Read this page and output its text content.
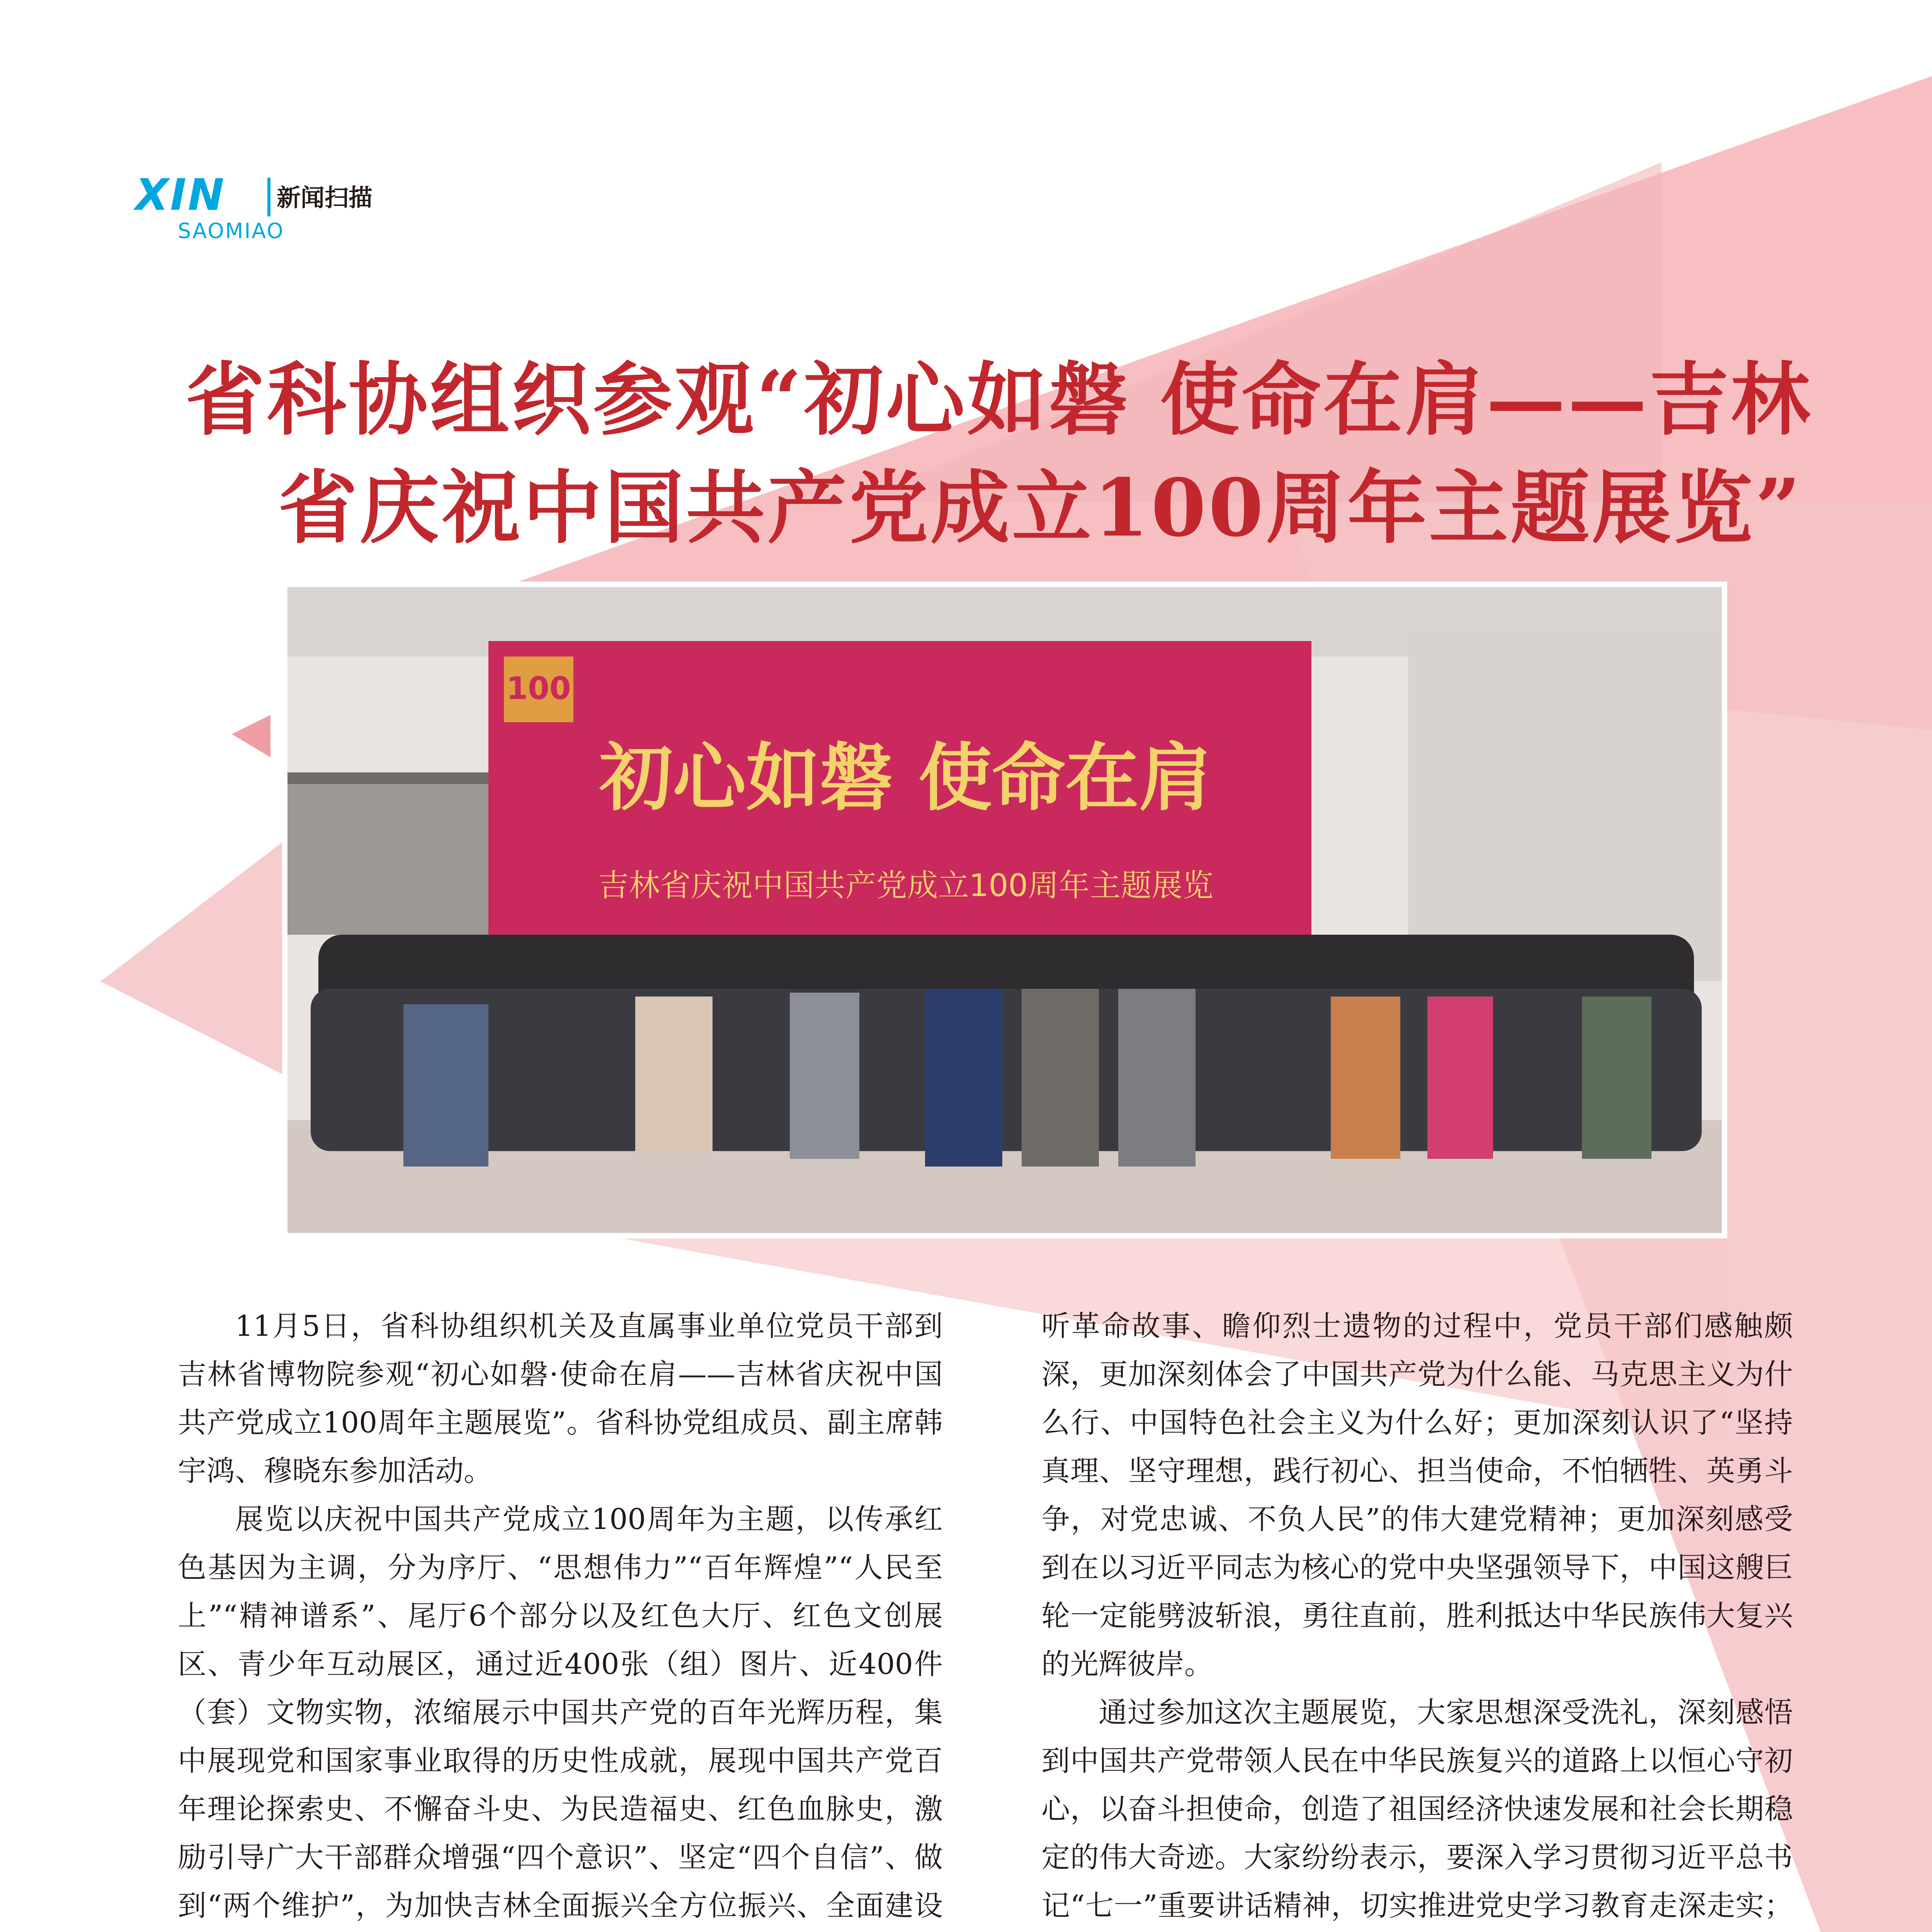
XIN 新闻扫描
SAOMIAO
省科协组织参观“初心如磐 使命在肩——吉林
省庆祝中国共产党成立100周年主题展览”
100
初心如磐 使命在肩
吉林省庆祝中国共产党成立100周年主题展览

11月5日，省科协组织机关及直属事业单位党员干部到吉林省博物院参观“初心如磐·使命在肩——吉林省庆祝中国共产党成立100周年主题展览”。省科协党组成员、副主席韩宇鸿、穆晓东参加活动。

展览以庆祝中国共产党成立100周年为主题，以传承红色基因为主调，分为序厅、“思想伟力”“百年辉煌”“人民至上”“精神谱系”、尾厅6个部分以及红色大厅、红色文创展区、青少年互动展区，通过近400张（组）图片、近400件（套）文物实物，浓缩展示中国共产党的百年光辉历程，集中展现党和国家事业取得的历史性成就，展现中国共产党百年理论探索史、不懈奋斗史、为民造福史、红色血脉史，激励引导广大干部群众增强“四个意识”、坚定“四个自信”、做到“两个维护”，为加快吉林全面振兴全方位振兴、全面建设

听革命故事、瞻仰烈士遗物的过程中，党员干部们感触颇深，更加深刻体会了中国共产党为什么能、马克思主义为什么行、中国特色社会主义为什么好；更加深刻认识了“坚持真理、坚守理想，践行初心、担当使命，不怕牺牲、英勇斗争，对党忠诚、不负人民”的伟大建党精神；更加深刻感受到在以习近平同志为核心的党中央坚强领导下，中国这艘巨轮一定能劈波斩浪，勇往直前，胜利抵达中华民族伟大复兴的光辉彼岸。

通过参加这次主题展览，大家思想深受洗礼，深刻感悟到中国共产党带领人民在中华民族复兴的道路上以恒心守初心，以奋斗担使命，创造了祖国经济快速发展和社会长期稳定的伟大奇迹。大家纷纷表示，要深入学习贯彻习近平总书记“七一”重要讲话精神，切实推进党史学习教育走深走实；
